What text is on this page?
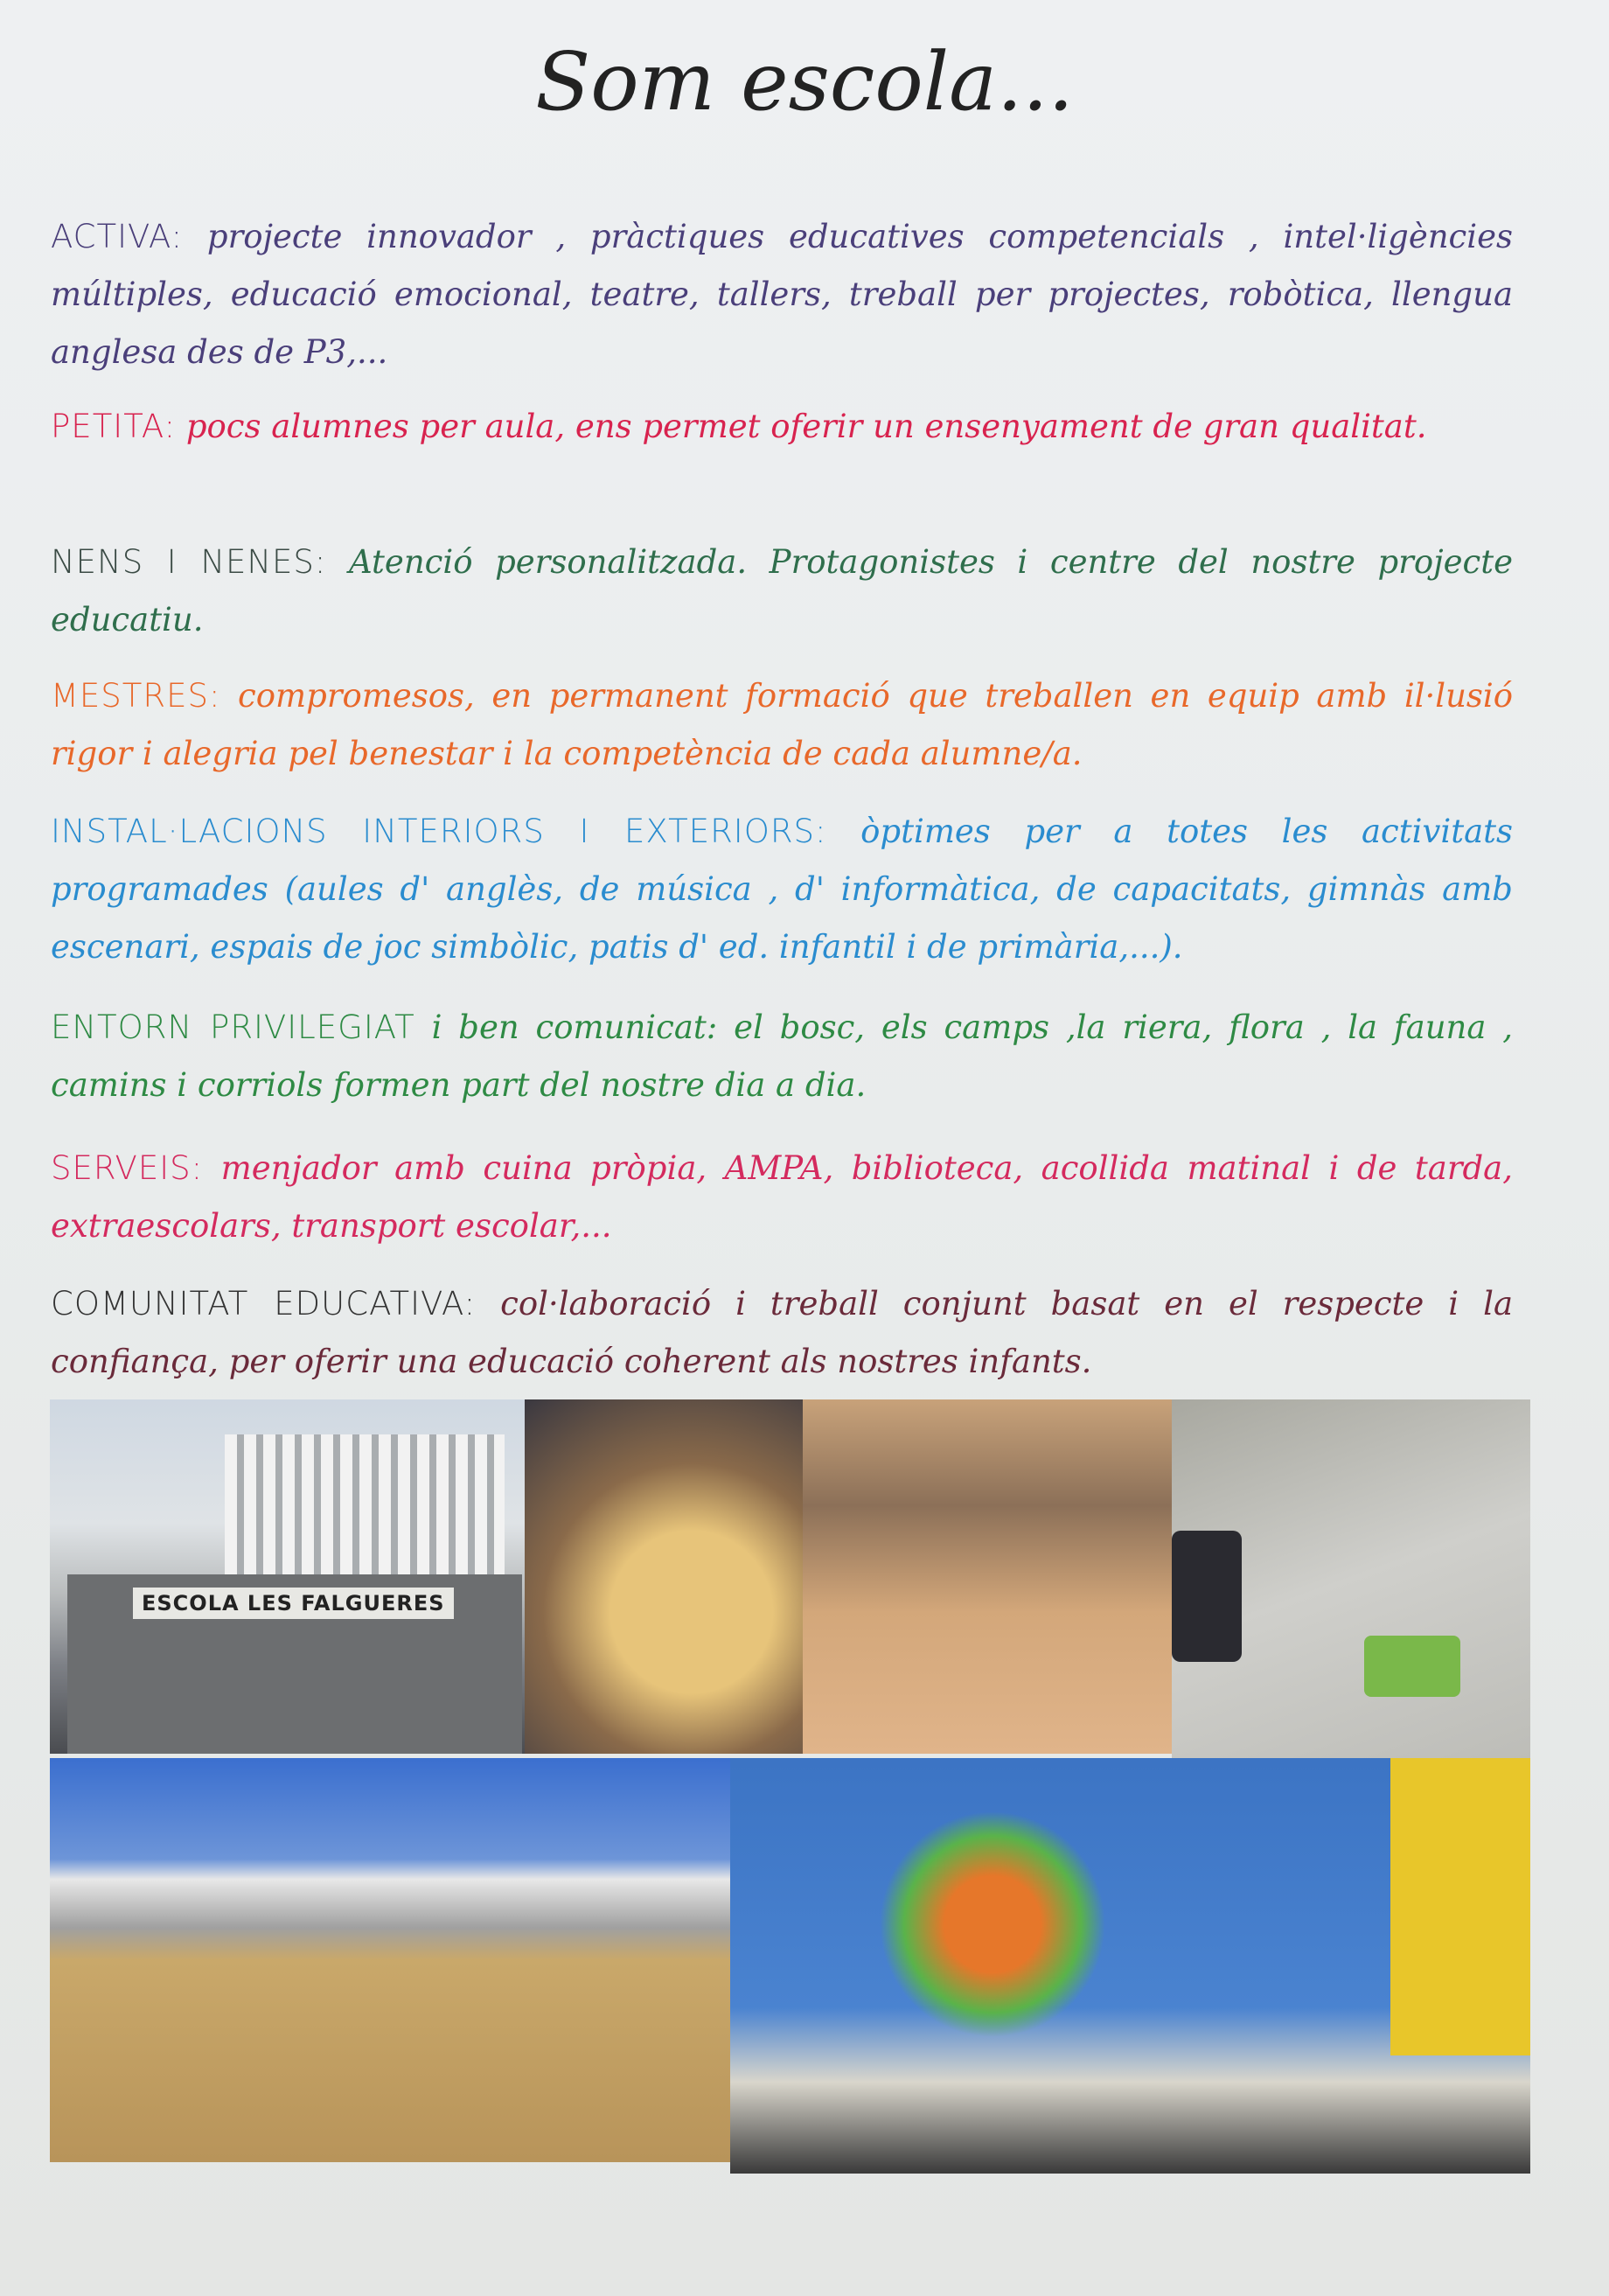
Som escola...
ACTIVA: projecte innovador , pràctiques educatives competencials , intel·ligències múltiples, educació emocional, teatre, tallers, treball per projectes, robòtica, llengua anglesa des de P3,...
PETITA: pocs alumnes per aula, ens permet oferir un ensenyament de gran qualitat.
NENS I NENES: Atenció personalitzada. Protagonistes i centre del nostre projecte educatiu.
MESTRES: compromesos, en permanent formació que treballen en equip amb il·lusió rigor i alegria pel benestar i la competència de cada alumne/a.
INSTAL·LACIONS INTERIORS I EXTERIORS: òptimes per a totes les activitats programades (aules d' anglès, de música , d' informàtica, de capacitats, gimnàs amb escenari, espais de joc simbòlic, patis d' ed. infantil i de primària,...).
ENTORN PRIVILEGIAT i ben comunicat: el bosc, els camps ,la riera, flora , la fauna , camins i corriols formen part del nostre dia a dia.
SERVEIS: menjador amb cuina pròpia, AMPA, biblioteca, acollida matinal i de tarda, extraescolars, transport escolar,...
COMUNITAT EDUCATIVA: col·laboració i treball conjunt basat en el respecte i la confiança, per oferir una educació coherent als nostres infants.
ESCOLA LES FALGUERES
